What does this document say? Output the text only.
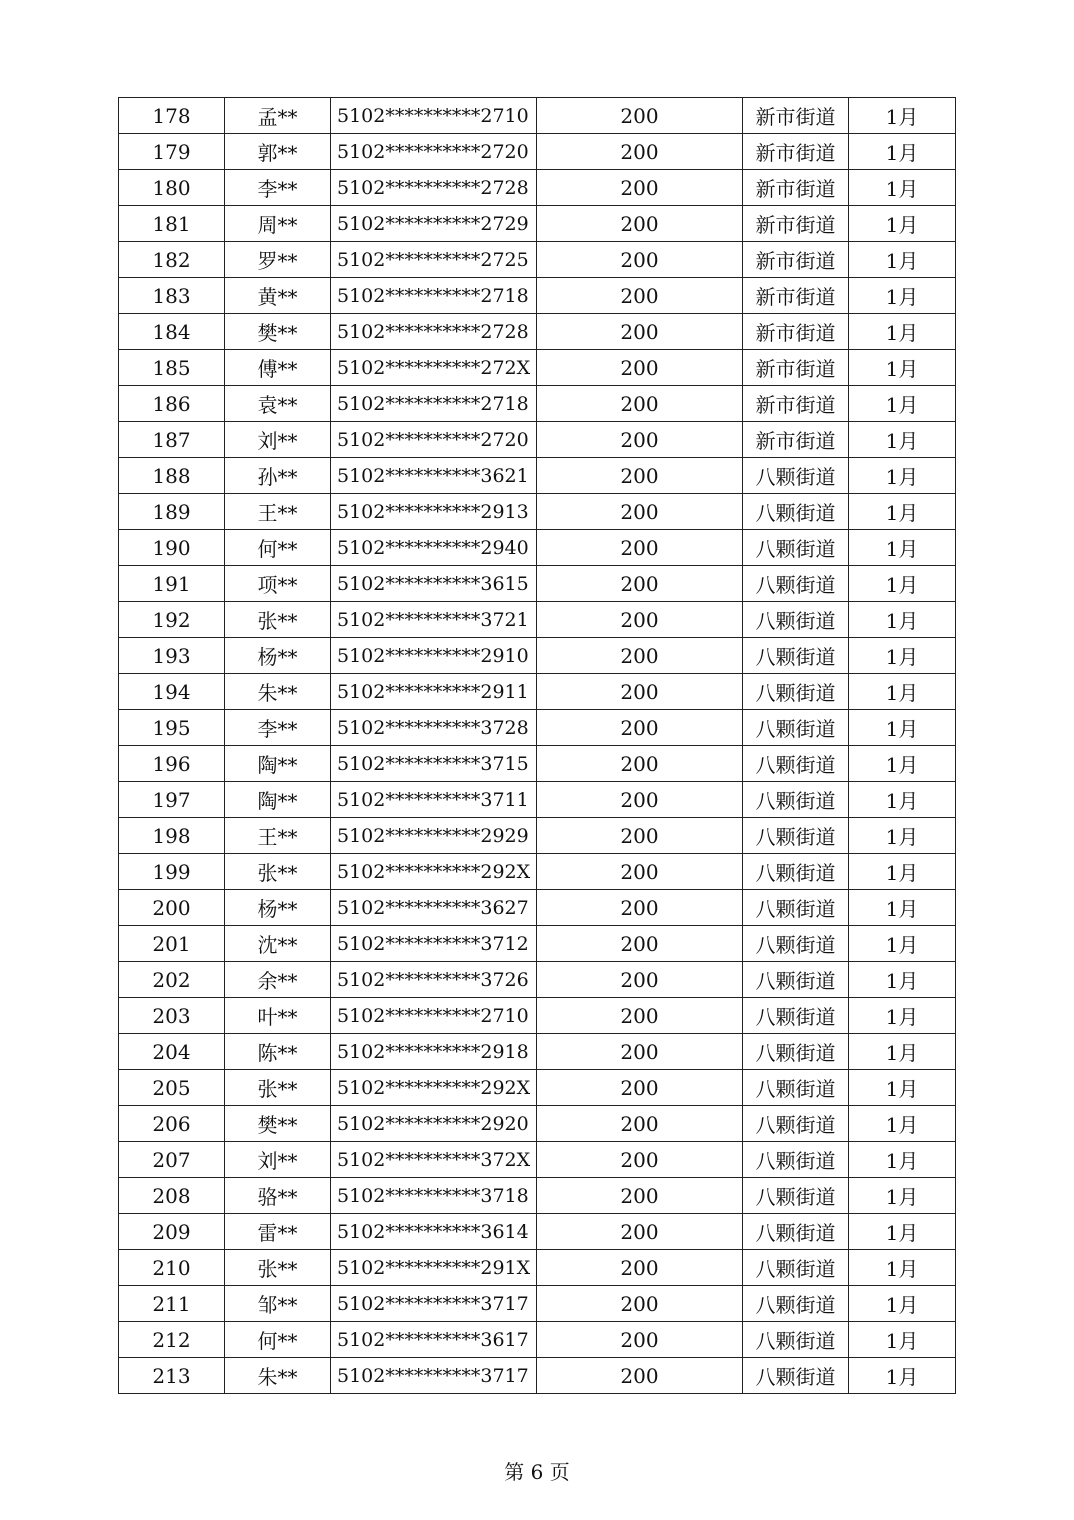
178	孟**	5102**********2710	200	新市街道	1月
179	郭**	5102**********2720	200	新市街道	1月
180	李**	5102**********2728	200	新市街道	1月
181	周**	5102**********2729	200	新市街道	1月
182	罗**	5102**********2725	200	新市街道	1月
183	黄**	5102**********2718	200	新市街道	1月
184	樊**	5102**********2728	200	新市街道	1月
185	傅**	5102**********272X	200	新市街道	1月
186	袁**	5102**********2718	200	新市街道	1月
187	刘**	5102**********2720	200	新市街道	1月
188	孙**	5102**********3621	200	八颗街道	1月
189	王**	5102**********2913	200	八颗街道	1月
190	何**	5102**********2940	200	八颗街道	1月
191	项**	5102**********3615	200	八颗街道	1月
192	张**	5102**********3721	200	八颗街道	1月
193	杨**	5102**********2910	200	八颗街道	1月
194	朱**	5102**********2911	200	八颗街道	1月
195	李**	5102**********3728	200	八颗街道	1月
196	陶**	5102**********3715	200	八颗街道	1月
197	陶**	5102**********3711	200	八颗街道	1月
198	王**	5102**********2929	200	八颗街道	1月
199	张**	5102**********292X	200	八颗街道	1月
200	杨**	5102**********3627	200	八颗街道	1月
201	沈**	5102**********3712	200	八颗街道	1月
202	余**	5102**********3726	200	八颗街道	1月
203	叶**	5102**********2710	200	八颗街道	1月
204	陈**	5102**********2918	200	八颗街道	1月
205	张**	5102**********292X	200	八颗街道	1月
206	樊**	5102**********2920	200	八颗街道	1月
207	刘**	5102**********372X	200	八颗街道	1月
208	骆**	5102**********3718	200	八颗街道	1月
209	雷**	5102**********3614	200	八颗街道	1月
210	张**	5102**********291X	200	八颗街道	1月
211	邹**	5102**********3717	200	八颗街道	1月
212	何**	5102**********3617	200	八颗街道	1月
213	朱**	5102**********3717	200	八颗街道	1月
第 6 页
